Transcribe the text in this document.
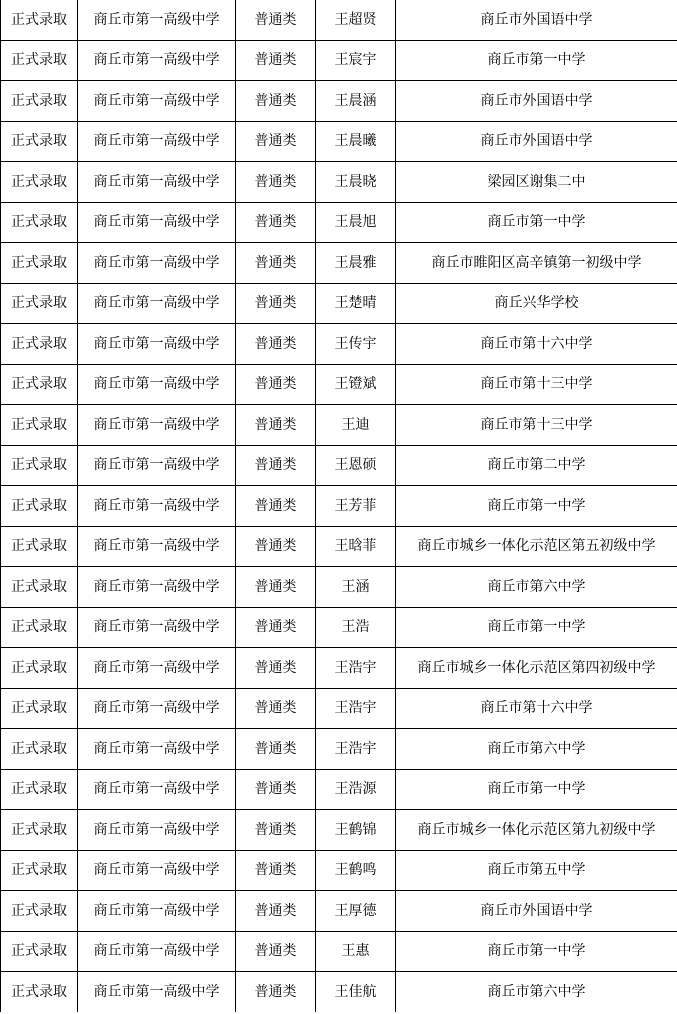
正式录取	商丘市第一高级中学	普通类	王超贤	商丘市外国语中学
正式录取	商丘市第一高级中学	普通类	王宸宇	商丘市第一中学
正式录取	商丘市第一高级中学	普通类	王晨涵	商丘市外国语中学
正式录取	商丘市第一高级中学	普通类	王晨曦	商丘市外国语中学
正式录取	商丘市第一高级中学	普通类	王晨晓	梁园区谢集二中
正式录取	商丘市第一高级中学	普通类	王晨旭	商丘市第一中学
正式录取	商丘市第一高级中学	普通类	王晨雅	商丘市睢阳区高辛镇第一初级中学
正式录取	商丘市第一高级中学	普通类	王楚晴	商丘兴华学校
正式录取	商丘市第一高级中学	普通类	王传宇	商丘市第十六中学
正式录取	商丘市第一高级中学	普通类	王镫斌	商丘市第十三中学
正式录取	商丘市第一高级中学	普通类	王迪	商丘市第十三中学
正式录取	商丘市第一高级中学	普通类	王恩硕	商丘市第二中学
正式录取	商丘市第一高级中学	普通类	王芳菲	商丘市第一中学
正式录取	商丘市第一高级中学	普通类	王晗菲	商丘市城乡一体化示范区第五初级中学
正式录取	商丘市第一高级中学	普通类	王涵	商丘市第六中学
正式录取	商丘市第一高级中学	普通类	王浩	商丘市第一中学
正式录取	商丘市第一高级中学	普通类	王浩宇	商丘市城乡一体化示范区第四初级中学
正式录取	商丘市第一高级中学	普通类	王浩宇	商丘市第十六中学
正式录取	商丘市第一高级中学	普通类	王浩宇	商丘市第六中学
正式录取	商丘市第一高级中学	普通类	王浩源	商丘市第一中学
正式录取	商丘市第一高级中学	普通类	王鹤锦	商丘市城乡一体化示范区第九初级中学
正式录取	商丘市第一高级中学	普通类	王鹤鸣	商丘市第五中学
正式录取	商丘市第一高级中学	普通类	王厚德	商丘市外国语中学
正式录取	商丘市第一高级中学	普通类	王惠	商丘市第一中学
正式录取	商丘市第一高级中学	普通类	王佳航	商丘市第六中学
